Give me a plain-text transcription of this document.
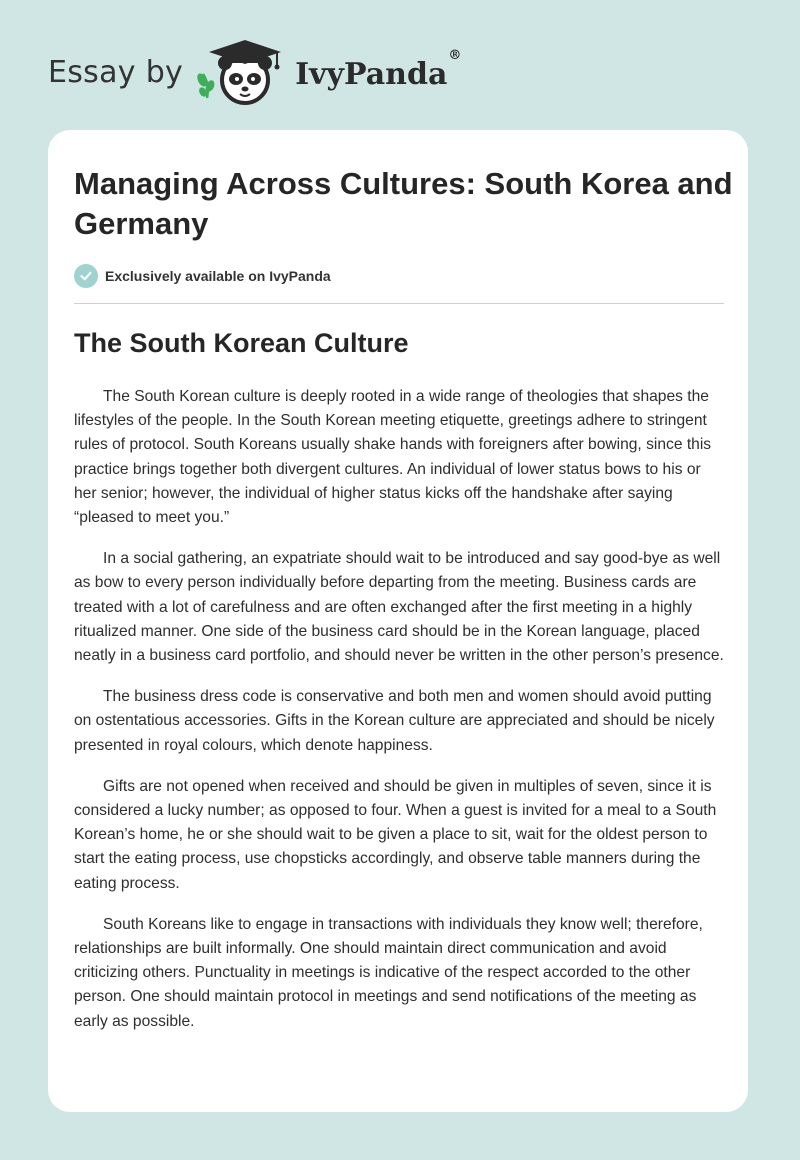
Essay by	IvyPanda®
Managing Across Cultures: South Korea and Germany
Exclusively available on IvyPanda
The South Korean Culture

The South Korean culture is deeply rooted in a wide range of theologies that shapes the lifestyles of the people. In the South Korean meeting etiquette, greetings adhere to stringent rules of protocol. South Koreans usually shake hands with foreigners after bowing, since this practice brings together both divergent cultures. An individual of lower status bows to his or her senior; however, the individual of higher status kicks off the handshake after saying “pleased to meet you.”

In a social gathering, an expatriate should wait to be introduced and say good-bye as well as bow to every person individually before departing from the meeting. Business cards are treated with a lot of carefulness and are often exchanged after the first meeting in a highly ritualized manner. One side of the business card should be in the Korean language, placed neatly in a business card portfolio, and should never be written in the other person’s presence.

The business dress code is conservative and both men and women should avoid putting on ostentatious accessories. Gifts in the Korean culture are appreciated and should be nicely presented in royal colours, which denote happiness.

Gifts are not opened when received and should be given in multiples of seven, since it is considered a lucky number; as opposed to four. When a guest is invited for a meal to a South Korean’s home, he or she should wait to be given a place to sit, wait for the oldest person to start the eating process, use chopsticks accordingly, and observe table manners during the eating process.

South Koreans like to engage in transactions with individuals they know well; therefore, relationships are built informally. One should maintain direct communication and avoid criticizing others. Punctuality in meetings is indicative of the respect accorded to the other person. One should maintain protocol in meetings and send notifications of the meeting as early as possible.
